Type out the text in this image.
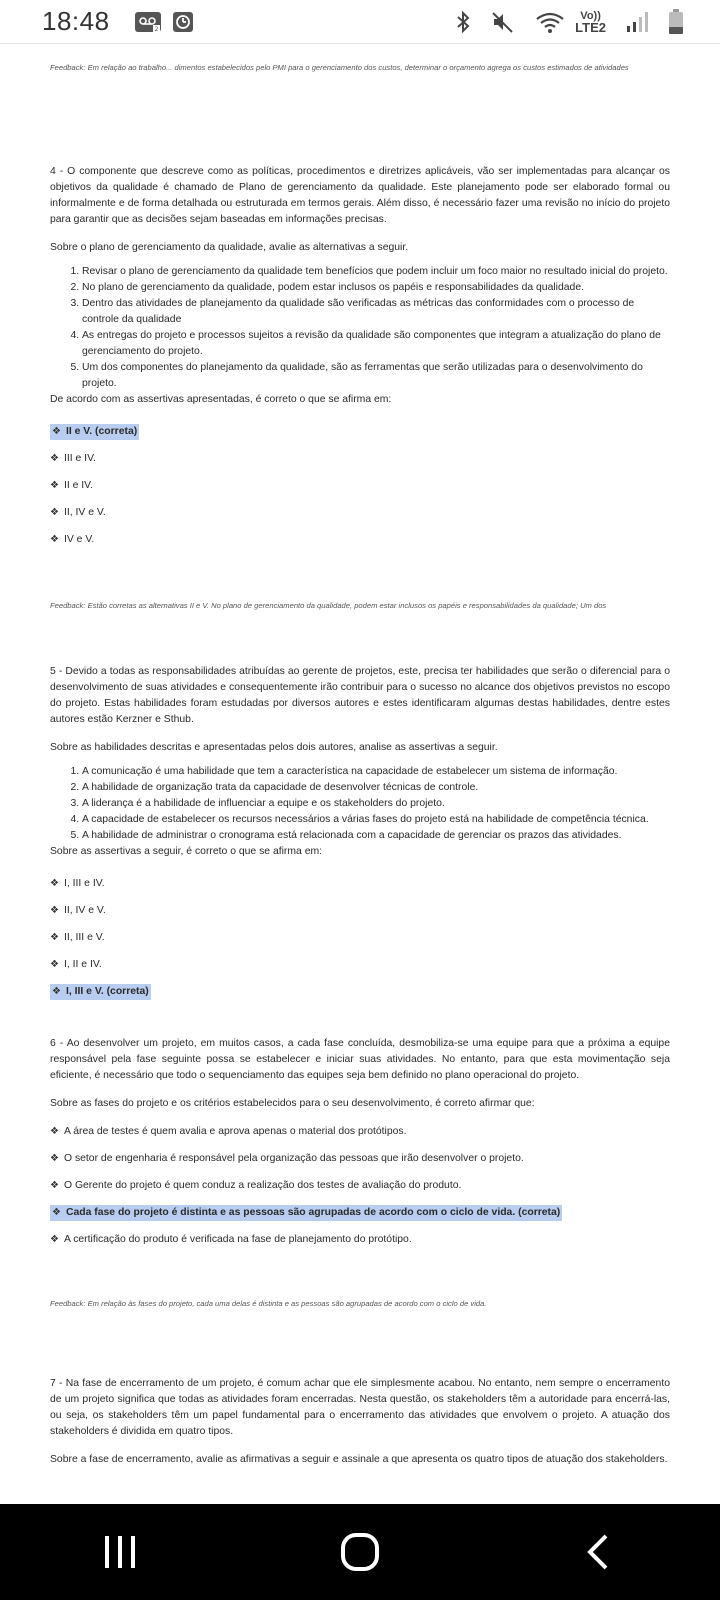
18:48	2
Vo))
LTE2
Feedback: Em relação ao trabalho... dimentos estabelecidos pelo PMI para o gerenciamento dos custos, determinar o orçamento agrega os custos estimados de atividades

4 - O componente que descreve como as políticas, procedimentos e diretrizes aplicáveis, vão ser implementadas para alcançar os objetivos da qualidade é chamado de Plano de gerenciamento da qualidade. Este planejamento pode ser elaborado formal ou informalmente e de forma detalhada ou estruturada em termos gerais. Além disso, é necessário fazer uma revisão no início do projeto para garantir que as decisões sejam baseadas em informações precisas.

Sobre o plano de gerenciamento da qualidade, avalie as alternativas a seguir.

1. Revisar o plano de gerenciamento da qualidade tem benefícios que podem incluir um foco maior no resultado inicial do projeto.
2. No plano de gerenciamento da qualidade, podem estar inclusos os papéis e responsabilidades da qualidade.
3. Dentro das atividades de planejamento da qualidade são verificadas as métricas das conformidades com o processo de controle da qualidade
4. As entregas do projeto e processos sujeitos a revisão da qualidade são componentes que integram a atualização do plano de gerenciamento do projeto.
5. Um dos componentes do planejamento da qualidade, são as ferramentas que serão utilizadas para o desenvolvimento do projeto.

De acordo com as assertivas apresentadas, é correto o que se afirma em:

❖ II e V. (correta)
❖ III e IV.
❖ II e IV.
❖ II, IV e V.
❖ IV e V.
Feedback: Estão corretas as alternativas II e V. No plano de gerenciamento da qualidade, podem estar inclusos os papéis e responsabilidades da qualidade; Um dos

5 - Devido a todas as responsabilidades atribuídas ao gerente de projetos, este, precisa ter habilidades que serão o diferencial para o desenvolvimento de suas atividades e consequentemente irão contribuir para o sucesso no alcance dos objetivos previstos no escopo do projeto. Estas habilidades foram estudadas por diversos autores e estes identificaram algumas destas habilidades, dentre estes autores estão Kerzner e Sthub.

Sobre as habilidades descritas e apresentadas pelos dois autores, analise as assertivas a seguir.

1. A comunicação é uma habilidade que tem a característica na capacidade de estabelecer um sistema de informação.
2. A habilidade de organização trata da capacidade de desenvolver técnicas de controle.
3. A liderança é a habilidade de influenciar a equipe e os stakeholders do projeto.
4. A capacidade de estabelecer os recursos necessários a várias fases do projeto está na habilidade de competência técnica.
5. A habilidade de administrar o cronograma está relacionada com a capacidade de gerenciar os prazos das atividades.

Sobre as assertivas a seguir, é correto o que se afirma em:

❖ I, III e IV.
❖ II, IV e V.
❖ II, III e V.
❖ I, II e IV.
❖ I, III e V. (correta)

6 - Ao desenvolver um projeto, em muitos casos, a cada fase concluída, desmobiliza-se uma equipe para que a próxima a equipe responsável pela fase seguinte possa se estabelecer e iniciar suas atividades. No entanto, para que esta movimentação seja eficiente, é necessário que todo o sequenciamento das equipes seja bem definido no plano operacional do projeto.

Sobre as fases do projeto e os critérios estabelecidos para o seu desenvolvimento, é correto afirmar que:

❖ A área de testes é quem avalia e aprova apenas o material dos protótipos.
❖ O setor de engenharia é responsável pela organização das pessoas que irão desenvolver o projeto.
❖ O Gerente do projeto é quem conduz a realização dos testes de avaliação do produto.
❖ Cada fase do projeto é distinta e as pessoas são agrupadas de acordo com o ciclo de vida. (correta)
❖ A certificação do produto é verificada na fase de planejamento do protótipo.
Feedback: Em relação às fases do projeto, cada uma delas é distinta e as pessoas são agrupadas de acordo com o ciclo de vida.

7 - Na fase de encerramento de um projeto, é comum achar que ele simplesmente acabou. No entanto, nem sempre o encerramento de um projeto significa que todas as atividades foram encerradas. Nesta questão, os stakeholders têm a autoridade para encerrá-las, ou seja, os stakeholders têm um papel fundamental para o encerramento das atividades que envolvem o projeto. A atuação dos stakeholders é dividida em quatro tipos.

Sobre a fase de encerramento, avalie as afirmativas a seguir e assinale a que apresenta os quatro tipos de atuação dos stakeholders.
